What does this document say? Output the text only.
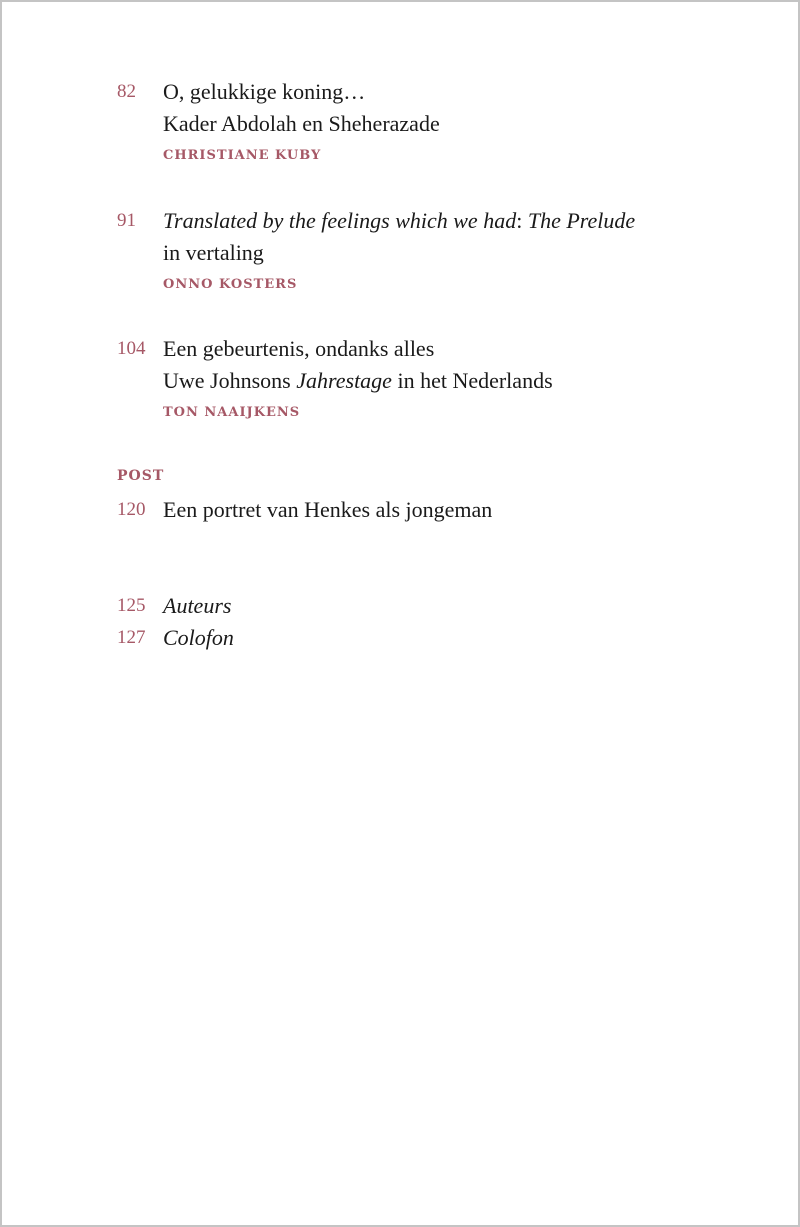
82	O, gelukkige koning…
Kader Abdolah en Sheherazade
CHRISTIANE KUBY
91	Translated by the feelings which we had: The Prelude
in vertaling
ONNO KOSTERS
104 Een gebeurtenis, ondanks alles
Uwe Johnsons Jahrestage in het Nederlands
TON NAAIJKENS
POST
120 Een portret van Henkes als jongeman
125 Auteurs
127 Colofon
